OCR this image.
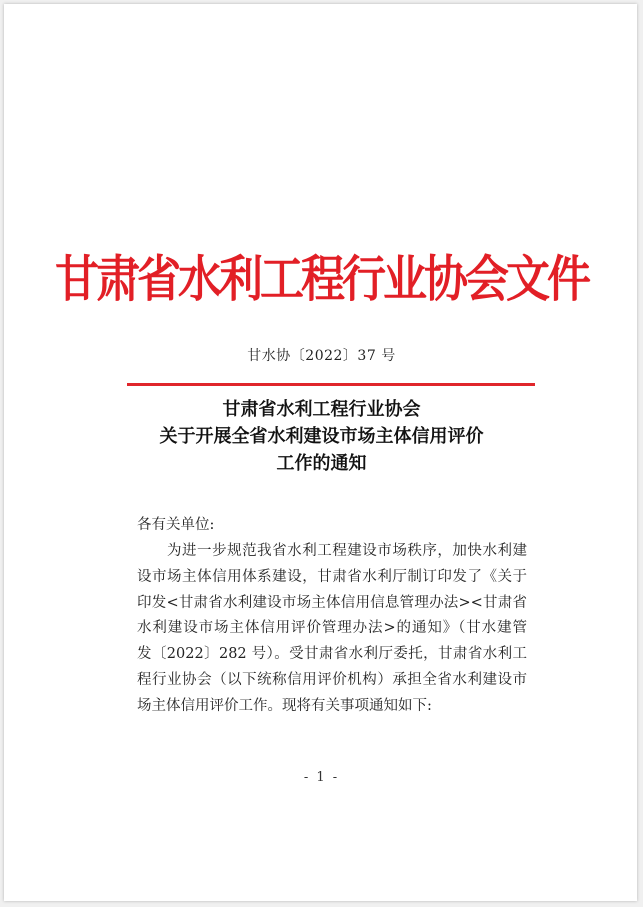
甘肃省水利工程行业协会文件
甘水协〔2022〕37 号
甘肃省水利工程行业协会
关于开展全省水利建设市场主体信用评价
工作的通知
各有关单位:
为进一步规范我省水利工程建设市场秩序，加快水利建
设市场主体信用体系建设，甘肃省水利厅制订印发了《关于
印发<甘肃省水利建设市场主体信用信息管理办法><甘肃省
水利建设市场主体信用评价管理办法>的通知》（甘水建管
发〔2022〕282 号）。受甘肃省水利厅委托，甘肃省水利工
程行业协会（以下统称信用评价机构）承担全省水利建设市
场主体信用评价工作。现将有关事项通知如下:
- 1 -
